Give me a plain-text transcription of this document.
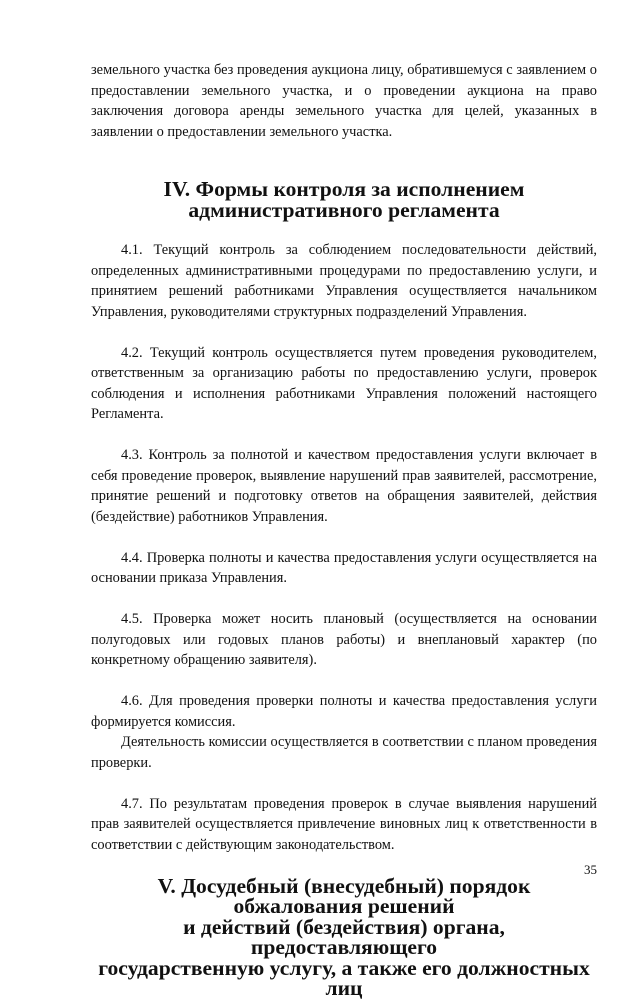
земельного участка без проведения аукциона лицу, обратившемуся с заявлением о предоставлении земельного участка, и о проведении аукциона на право заключения договора аренды земельного участка для целей, указанных в заявлении о предоставлении земельного участка.

IV. Формы контроля за исполнением
административного регламента

4.1. Текущий контроль за соблюдением последовательности действий, определенных административными процедурами по предоставлению услуги, и принятием решений работниками Управления осуществляется начальником Управления, руководителями структурных подразделений Управления.

4.2. Текущий контроль осуществляется путем проведения руководителем, ответственным за организацию работы по предоставлению услуги, проверок соблюдения и исполнения работниками Управления положений настоящего Регламента.

4.3. Контроль за полнотой и качеством предоставления услуги включает в себя проведение проверок, выявление нарушений прав заявителей, рассмотрение, принятие решений и подготовку ответов на обращения заявителей, действия (бездействие) работников Управления.

4.4. Проверка полноты и качества предоставления услуги осуществляется на основании приказа Управления.

4.5. Проверка может носить плановый (осуществляется на основании полугодовых или годовых планов работы) и внеплановый характер (по конкретному обращению заявителя).

4.6. Для проведения проверки полноты и качества предоставления услуги формируется комиссия.

Деятельность комиссии осуществляется в соответствии с планом проведения проверки.

4.7. По результатам проведения проверок в случае выявления нарушений прав заявителей осуществляется привлечение виновных лиц к ответственности в соответствии с действующим законодательством.

V. Досудебный (внесудебный) порядок обжалования решений
и действий (бездействия) органа, предоставляющего
государственную услугу, а также его должностных лиц
35
